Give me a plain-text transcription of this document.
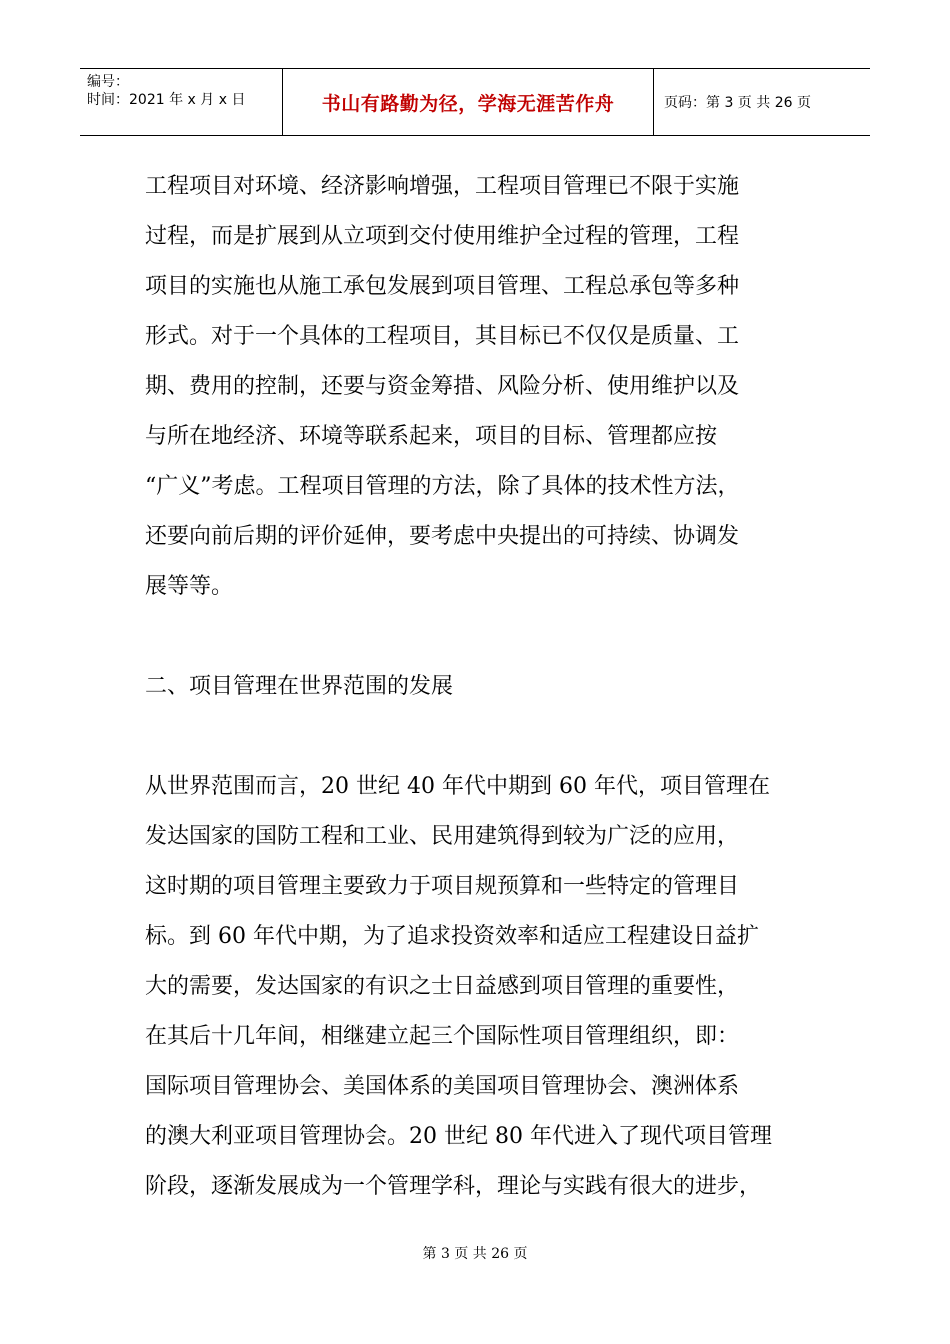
编号：
时间：2021 年 x 月 x 日	书山有路勤为径，学海无涯苦作舟	页码：第 3 页 共 26 页
工程项目对环境、经济影响增强，工程项目管理已不限于实施
过程，而是扩展到从立项到交付使用维护全过程的管理，工程
项目的实施也从施工承包发展到项目管理、工程总承包等多种
形式。对于一个具体的工程项目，其目标已不仅仅是质量、工
期、费用的控制，还要与资金筹措、风险分析、使用维护以及
与所在地经济、环境等联系起来，项目的目标、管理都应按
“广义”考虑。工程项目管理的方法，除了具体的技术性方法，
还要向前后期的评价延伸，要考虑中央提出的可持续、协调发
展等等。
二、项目管理在世界范围的发展
从世界范围而言，20 世纪 40 年代中期到 60 年代，项目管理在
发达国家的国防工程和工业、民用建筑得到较为广泛的应用，
这时期的项目管理主要致力于项目规预算和一些特定的管理目
标。到 60 年代中期，为了追求投资效率和适应工程建设日益扩
大的需要，发达国家的有识之士日益感到项目管理的重要性，
在其后十几年间，相继建立起三个国际性项目管理组织，即：
国际项目管理协会、美国体系的美国项目管理协会、澳洲体系
的澳大利亚项目管理协会。20 世纪 80 年代进入了现代项目管理
阶段，逐渐发展成为一个管理学科，理论与实践有很大的进步，
第 3 页 共 26 页
